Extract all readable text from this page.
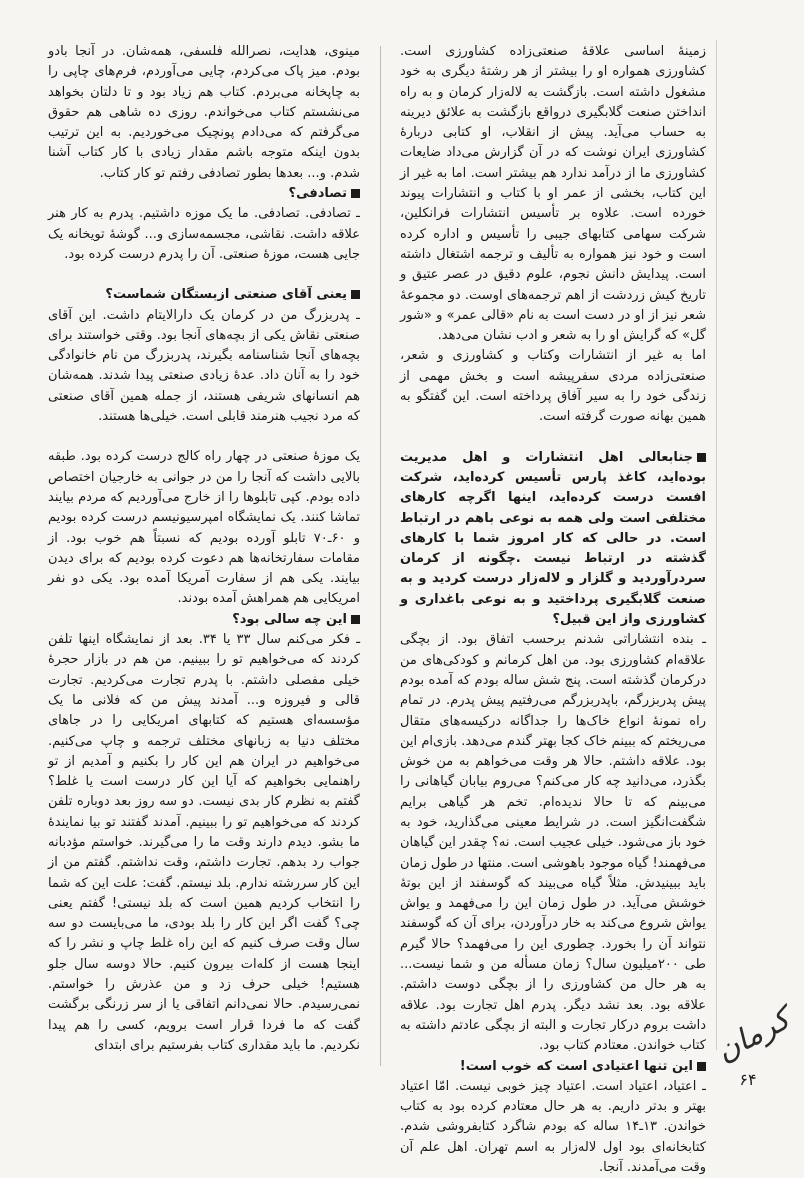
زمینهٔ اساسی علاقهٔ صنعتی‌زاده کشاورزی است. کشاورزی همواره او را بیشتر از هر رشتهٔ دیگری به خود مشغول داشته است. بازگشت به لاله‌زار کرمان و به راه انداختن صنعت گلابگیری درواقع بازگشت به علائق دیرینه به حساب می‌آید. پیش از انقلاب، او کتابی دربارهٔ کشاورزی ایران نوشت که در آن گزارش می‌داد ضایعات کشاورزی ما از درآمد ندارد هم بیشتر است. اما به غیر از این کتاب، بخشی از عمر او با کتاب و انتشارات پیوند خورده است. علاوه بر تأسیس انتشارات فرانکلین، شرکت سهامی کتابهای جیبی را تأسیس و اداره کرده است و خود نیز همواره به تألیف و ترجمه اشتغال داشته است. پیدایش دانش نجوم، علوم دقیق در عصر عتیق و تاریخ کیش زردشت از اهم ترجمه‌های اوست. دو مجموعهٔ شعر نیز از او در دست است به نام «قالی عمر» و «شور گل» که گرایش او را به شعر و ادب نشان می‌دهد.

اما به غیر از انتشارات وکتاب و کشاورزی و شعر، صنعتی‌زاده مردی سفرپیشه است و بخش مهمی از زندگی خود را به سیر آفاق پرداخته است. این گفتگو به همین بهانه صورت گرفته است.

جنابعالی اهل انتشارات و اهل مدیریت بوده‌اید، کاغذ پارس تأسیس کرده‌اید، شرکت افست درست کرده‌اید، اینها اگرچه کارهای مختلفی است ولی همه به نوعی باهم در ارتباط است. در حالی که کار امروز شما با کارهای گذشته در ارتباط نیست .چگونه از کرمان سردرآوردید و گلزار و لاله‌زار درست کردید و به صنعت گلابگیری پرداختید و به نوعی باغداری و کشاورزی واز این قبیل؟

ـ بنده انتشاراتی شدنم برحسب اتفاق بود. از بچگی علاقه‌ام کشاورزی بود. من اهل کرمانم و کودکی‌های من درکرمان گذشته است. پنج شش ساله بودم که آمده بودم پیش پدربزرگم، باپدربزرگم می‌رفتیم پیش پدرم. در تمام راه نمونهٔ انواع خاک‌ها را جداگانه درکیسه‌های متقال می‌ریختم که ببینم خاک کجا بهتر گندم می‌دهد. بازی‌ام این بود. علاقه داشتم. حالا هر وقت می‌خواهم به من خوش بگذرد، می‌دانید چه کار می‌کنم؟ می‌روم بیابان گیاهانی را می‌بینم که تا حالا ندیده‌ام. تخم هر گیاهی برایم شگفت‌انگیز است. در شرایط معینی می‌گذارید، خود به خود باز می‌شود. خیلی عجیب است. نه؟ چقدر این گیاهان می‌فهمند! گیاه موجود باهوشی است. منتها در طول زمان باید ببینیدش. مثلاً گیاه می‌بیند که گوسفند از این بوتهٔ خوشش می‌آید. در طول زمان این را می‌فهمد و یواش یواش شروع می‌کند به خار درآوردن، برای آن که گوسفند نتواند آن را بخورد. چطوری این را می‌فهمد؟ حالا گیرم طی ۲۰۰میلیون سال؟ زمان مسأله من و شما نیست... به هر حال من کشاورزی را از بچگی دوست داشتم. علاقه بود. بعد نشد دیگر. پدرم اهل تجارت بود. علاقه داشت بروم درکار تجارت و البته از بچگی عادتم داشته به کتاب خواندن. معتادم کتاب بود.

این تنها اعتیادی است که خوب است!

ـ اعتیاد، اعتیاد است. اعتیاد چیز خوبی نیست. امّا اعتیاد بهتر و بدتر داریم. به هر حال معتادم کرده بود به کتاب خواندن. ۱۳ـ۱۴ ساله که بودم شاگرد کتابفروشی شدم. کتابخانه‌ای بود اول لاله‌زار به اسم تهران. اهل علم آن وقت می‌آمدند. آنجا.

مینوی، هدایت، نصرالله فلسفی، همه‌شان. در آنجا بادو بودم. میز پاک می‌کردم، چایی می‌آوردم، فرم‌های چاپی را به چاپخانه می‌بردم. کتاب هم زیاد بود و تا دلتان بخواهد می‌نشستم کتاب می‌خواندم. روزی ده شاهی هم حقوق می‌گرفتم که می‌دادم پونچیک می‌خوردیم. به این ترتیب بدون اینکه متوجه باشم مقدار زیادی با کار کتاب آشنا شدم. و... بعدها بطور تصادفی رفتم تو کار کتاب.

تصادفی؟

ـ تصادفی. تصادفی. ما یک موزه داشتیم. پدرم به کار هنر علاقه داشت. نقاشی، مجسمه‌سازی و... گوشهٔ تویخانه یک جایی هست، موزهٔ صنعتی. آن را پدرم درست کرده بود.

یعنی آقای صنعتی ازبستگان شماست؟

ـ پدربزرگ من در کرمان یک دارالایتام داشت. این آقای صنعتی نقاش یکی از بچه‌های آنجا بود. وقتی خواستند برای بچه‌های آنجا شناسنامه بگیرند، پدربزرگ من نام خانوادگی خود را به آنان داد. عدهٔ زیادی صنعتی پیدا شدند. همه‌شان هم انسانهای شریفی هستند، از جمله همین آقای صنعتی که مرد نجیب هنرمند قابلی است. خیلی‌ها هستند.

یک موزهٔ صنعتی در چهار راه کالج درست کرده بود. طبقه بالایی داشت که آنجا را من در جوانی به خارجیان اختصاص داده بودم. کپی تابلوها را از خارج می‌آوردیم که مردم بیایند تماشا کنند. یک نمایشگاه امپرسیونیسم درست کرده بودیم و ۶۰ـ۷۰ تابلو آورده بودیم که نسبتاً هم خوب بود. از مقامات سفارتخانه‌ها هم دعوت کرده بودیم که برای دیدن بیایند. یکی هم از سفارت آمریکا آمده بود. یکی دو نفر امریکایی هم همراهش آمده بودند.

این چه سالی بود؟

ـ فکر می‌کنم سال ۳۳ یا ۳۴. بعد از نمایشگاه اینها تلفن کردند که می‌خواهیم تو را ببینیم. من هم در بازار حجرهٔ خیلی مفصلی داشتم. با پدرم تجارت می‌کردیم. تجارت قالی و فیروزه و... آمدند پیش من که فلانی ما یک مؤسسه‌ای هستیم که کتابهای امریکایی را در جاهای مختلف دنیا به زبانهای مختلف ترجمه و چاپ می‌کنیم. می‌خواهیم در ایران هم این کار را بکنیم و آمدیم از تو راهنمایی بخواهیم که آیا این کار درست است یا غلط؟ گفتم به نظرم کار بدی نیست. دو سه روز بعد دوباره تلفن کردند که می‌خواهیم تو را ببینیم. آمدند گفتند تو بیا نمایندهٔ ما بشو. دیدم دارند وقت ما را می‌گیرند. خواستم مؤدبانه جواب رد بدهم. تجارت داشتم، وقت نداشتم. گفتم من از این کار سررشته ندارم. بلد نیستم. گفت: علت این که شما را انتخاب کردیم همین است که بلد نیستی! گفتم یعنی چی؟ گفت اگر این کار را بلد بودی، ما می‌بایست دو سه سال وقت صرف کنیم که این راه غلط چاپ و نشر را که اینجا هست از کله‌ات بیرون کنیم. حالا دوسه سال جلو هستیم! خیلی حرف زد و من عذرش را خواستم. نمی‌رسیدم. حالا نمی‌دانم اتفاقی یا از سر زرنگی برگشت گفت که ما فردا قرار است برویم، کسی را هم پیدا نکردیم. ما باید مقداری کتاب بفرستیم برای ابتدای	کرمان
۶۴
